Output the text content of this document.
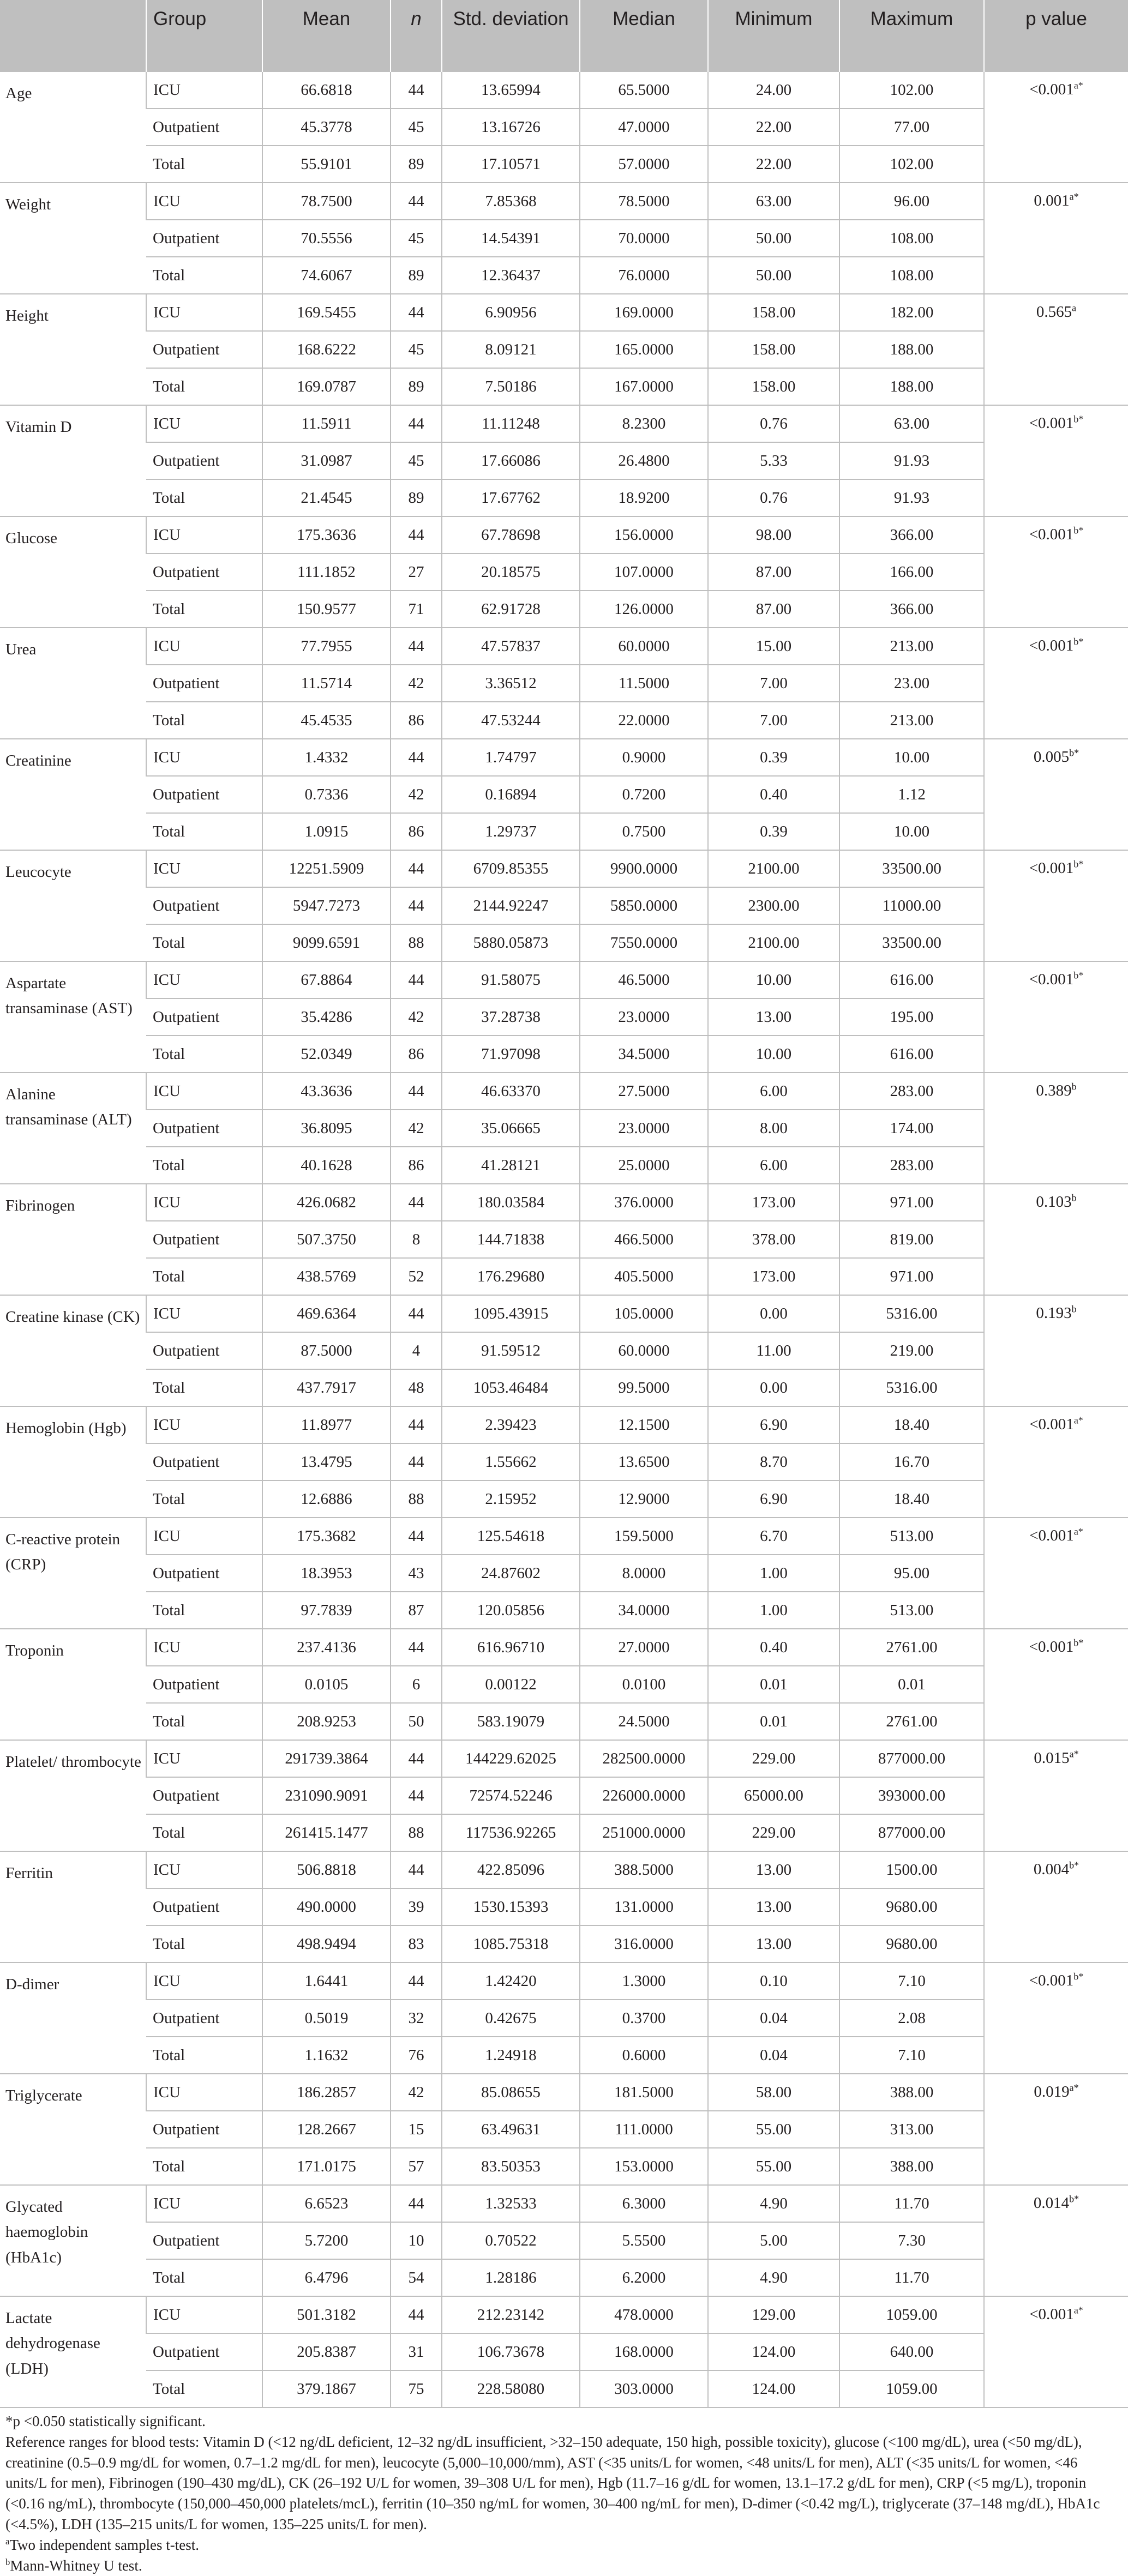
	Group	Mean	n	Std. deviation	Median	Minimum	Maximum	p value
Age	ICU	66.6818	44	13.65994	65.5000	24.00	102.00	$<0.001^{a*}$
	Outpatient	45.3778	45	13.16726	47.0000	22.00	77.00	
	Total	55.9101	89	17.10571	57.0000	22.00	102.00	
Weight	ICU	78.7500	44	7.85368	78.5000	63.00	96.00	$0.001^{a*}$
	Outpatient	70.5556	45	14.54391	70.0000	50.00	108.00	
	Total	74.6067	89	12.36437	76.0000	50.00	108.00	
Height	ICU	169.5455	44	6.90956	169.0000	158.00	182.00	0.565$^a$
	Outpatient	168.6222	45	8.09121	165.0000	158.00	188.00	
	Total	169.0787	89	7.50186	167.0000	158.00	188.00	
Vitamin D	ICU	11.5911	44	11.11248	8.2300	0.76	63.00	$<0.001^{b*}$
	Outpatient	31.0987	45	17.66086	26.4800	5.33	91.93	
	Total	21.4545	89	17.67762	18.9200	0.76	91.93	
Glucose	ICU	175.3636	44	67.78698	156.0000	98.00	366.00	$<0.001^{b*}$
	Outpatient	111.1852	27	20.18575	107.0000	87.00	166.00	
	Total	150.9577	71	62.91728	126.0000	87.00	366.00	
Urea	ICU	77.7955	44	47.57837	60.0000	15.00	213.00	$<0.001^{b*}$
	Outpatient	11.5714	42	3.36512	11.5000	7.00	23.00	
	Total	45.4535	86	47.53244	22.0000	7.00	213.00	
Creatinine	ICU	1.4332	44	1.74797	0.9000	0.39	10.00	$0.005^{b*}$
	Outpatient	0.7336	42	0.16894	0.7200	0.40	1.12	
	Total	1.0915	86	1.29737	0.7500	0.39	10.00	
Leucocyte	ICU	12251.5909	44	6709.85355	9900.0000	2100.00	33500.00	$<0.001^{b*}$
	Outpatient	5947.7273	44	2144.92247	5850.0000	2300.00	11000.00	
	Total	9099.6591	88	5880.05873	7550.0000	2100.00	33500.00	
Aspartate transaminase (AST)	ICU	67.8864	44	91.58075	46.5000	10.00	616.00	$<0.001^{b*}$
	Outpatient	35.4286	42	37.28738	23.0000	13.00	195.00	
	Total	52.0349	86	71.97098	34.5000	10.00	616.00	
Alanine transaminase (ALT)	ICU	43.3636	44	46.63370	27.5000	6.00	283.00	0.389$^b$
	Outpatient	36.8095	42	35.06665	23.0000	8.00	174.00	
	Total	40.1628	86	41.28121	25.0000	6.00	283.00	
Fibrinogen	ICU	426.0682	44	180.03584	376.0000	173.00	971.00	0.103$^b$
	Outpatient	507.3750	8	144.71838	466.5000	378.00	819.00	
	Total	438.5769	52	176.29680	405.5000	173.00	971.00	
Creatine kinase (CK)	ICU	469.6364	44	1095.43915	105.0000	0.00	5316.00	0.193$^b$
	Outpatient	87.5000	4	91.59512	60.0000	11.00	219.00	
	Total	437.7917	48	1053.46484	99.5000	0.00	5316.00	
Hemoglobin (Hgb)	ICU	11.8977	44	2.39423	12.1500	6.90	18.40	$<0.001^{a*}$
	Outpatient	13.4795	44	1.55662	13.6500	8.70	16.70	
	Total	12.6886	88	2.15952	12.9000	6.90	18.40	
C-reactive protein (CRP)	ICU	175.3682	44	125.54618	159.5000	6.70	513.00	$<0.001^{a*}$
	Outpatient	18.3953	43	24.87602	8.0000	1.00	95.00	
	Total	97.7839	87	120.05856	34.0000	1.00	513.00	
Troponin	ICU	237.4136	44	616.96710	27.0000	0.40	2761.00	$<0.001^{b*}$
	Outpatient	0.0105	6	0.00122	0.0100	0.01	0.01	
	Total	208.9253	50	583.19079	24.5000	0.01	2761.00	
Platelet/ thrombocyte	ICU	291739.3864	44	144229.62025	282500.0000	229.00	877000.00	$0.015^{a*}$
	Outpatient	231090.9091	44	72574.52246	226000.0000	65000.00	393000.00	
	Total	261415.1477	88	117536.92265	251000.0000	229.00	877000.00	
Ferritin	ICU	506.8818	44	422.85096	388.5000	13.00	1500.00	$0.004^{b*}$
	Outpatient	490.0000	39	1530.15393	131.0000	13.00	9680.00	
	Total	498.9494	83	1085.75318	316.0000	13.00	9680.00	
D-dimer	ICU	1.6441	44	1.42420	1.3000	0.10	7.10	$<0.001^{b*}$
	Outpatient	0.5019	32	0.42675	0.3700	0.04	2.08	
	Total	1.1632	76	1.24918	0.6000	0.04	7.10	
Triglycerate	ICU	186.2857	42	85.08655	181.5000	58.00	388.00	$0.019^{a*}$
	Outpatient	128.2667	15	63.49631	111.0000	55.00	313.00	
	Total	171.0175	57	83.50353	153.0000	55.00	388.00	
Glycated haemoglobin (HbA1c)	ICU	6.6523	44	1.32533	6.3000	4.90	11.70	$0.014^{b*}$
	Outpatient	5.7200	10	0.70522	5.5500	5.00	7.30	
	Total	6.4796	54	1.28186	6.2000	4.90	11.70	
Lactate dehydrogenase (LDH)	ICU	501.3182	44	212.23142	478.0000	129.00	1059.00	$<0.001^{a*}$
	Outpatient	205.8387	31	106.73678	168.0000	124.00	640.00	
	Total	379.1867	75	228.58080	303.0000	124.00	1059.00	

*p <0.050 statistically significant.

Reference ranges for blood tests: Vitamin D (<12 ng/dL deficient, 12–32 ng/dL insufficient, >32–150 adequate, 150 high, possible toxicity), glucose (<100 mg/dL), urea (<50 mg/dL), creatinine (0.5–0.9 mg/dL for women, 0.7–1.2 mg/dL for men), leucocyte (5,000–10,000/mm), AST (<35 units/L for women, <48 units/L for men), ALT (<35 units/L for women, <46 units/L for men), Fibrinogen (190–430 mg/dL), CK (26–192 U/L for women, 39–308 U/L for men), Hgb (11.7–16 g/dL for women, 13.1–17.2 g/dL for men), CRP (<5 mg/L), troponin (<0.16 ng/mL), thrombocyte (150,000–450,000 platelets/mcL), ferritin (10–350 ng/mL for women, 30–400 ng/mL for men), D-dimer (<0.42 mg/L), triglycerate (37–148 mg/dL), HbA1c (<4.5%), LDH (135–215 units/L for women, 135–225 units/L for men).

$^a$Two independent samples t-test.

$^b$Mann-Whitney U test.
